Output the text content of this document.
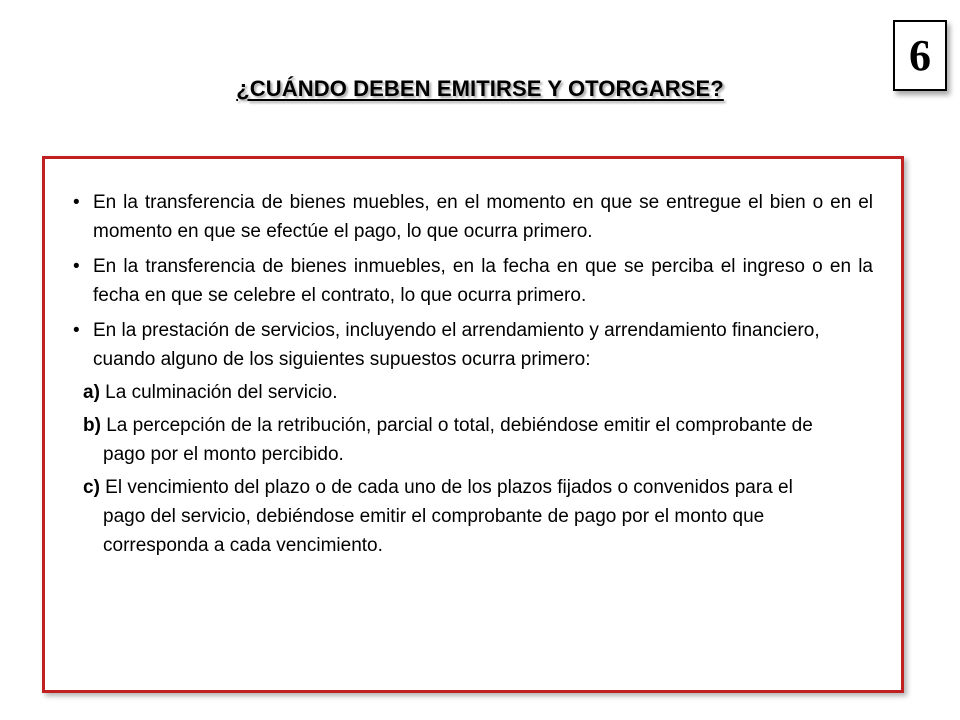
6
¿CUÁNDO DEBEN EMITIRSE Y OTORGARSE?
• En la transferencia de bienes muebles, en el momento en que se entregue el bien o en el momento en que se efectúe el pago, lo que ocurra primero.
• En la transferencia de bienes inmuebles, en la fecha en que se perciba el ingreso o en la fecha en que se celebre el contrato, lo que ocurra primero.
• En la prestación de servicios, incluyendo el arrendamiento y arrendamiento financiero, cuando alguno de los siguientes supuestos ocurra primero:
a) La culminación del servicio.
b) La percepción de la retribución, parcial o total, debiéndose emitir el comprobante de pago por el monto percibido.
c) El vencimiento del plazo o de cada uno de los plazos fijados o convenidos para el pago del servicio, debiéndose emitir el comprobante de pago por el monto que corresponda a cada vencimiento.
